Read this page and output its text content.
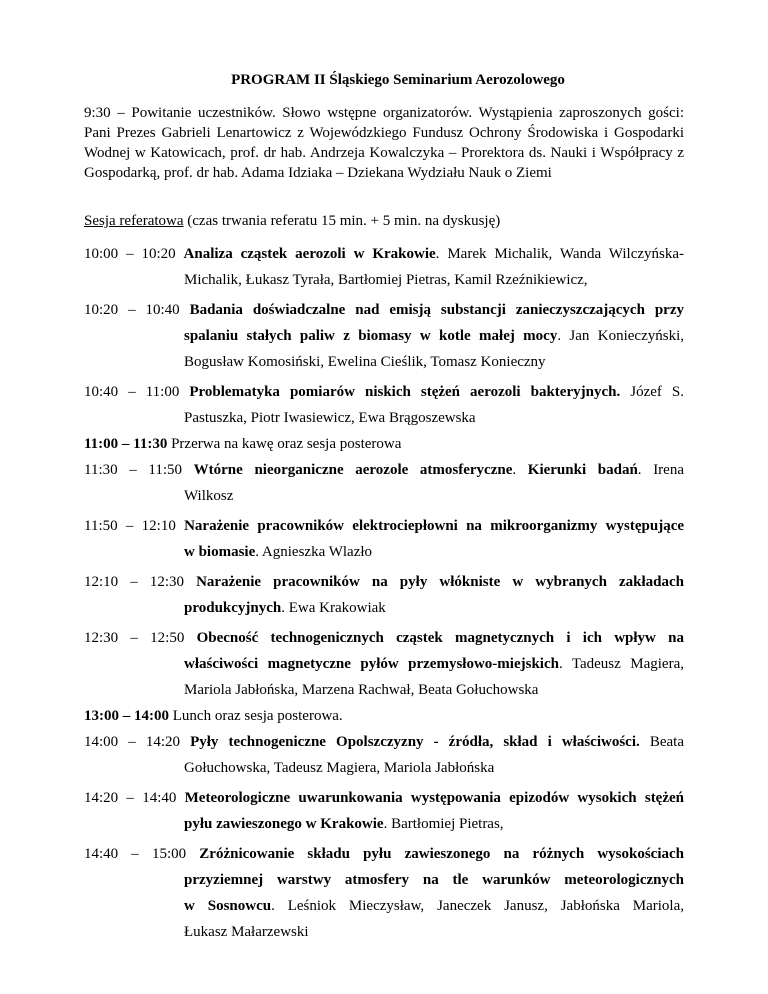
PROGRAM II Śląskiego Seminarium Aerozolowego

9:30 – Powitanie uczestników. Słowo wstępne organizatorów. Wystąpienia zaproszonych gości: Pani Prezes Gabrieli Lenartowicz z Wojewódzkiego Fundusz Ochrony Środowiska i Gospodarki Wodnej w Katowicach, prof. dr hab. Andrzeja Kowalczyka – Prorektora ds. Nauki i Współpracy z Gospodarką, prof. dr hab. Adama Idziaka – Dziekana Wydziału Nauk o Ziemi
Sesja referatowa (czas trwania referatu 15 min. + 5 min. na dyskusję)
10:00 – 10:20 Analiza cząstek aerozoli w Krakowie. Marek Michalik, Wanda Wilczyńska-
Michalik, Łukasz Tyrała, Bartłomiej Pietras, Kamil Rzeźnikiewicz,
10:20 – 10:40 Badania doświadczalne nad emisją substancji zanieczyszczających przy
spalaniu stałych paliw z biomasy w kotle małej mocy. Jan Konieczyński,
Bogusław Komosiński, Ewelina Cieślik, Tomasz Konieczny
10:40 – 11:00 Problematyka pomiarów niskich stężeń aerozoli bakteryjnych. Józef S.
Pastuszka, Piotr Iwasiewicz, Ewa Brągoszewska
11:00 – 11:30 Przerwa na kawę oraz sesja posterowa
11:30 – 11:50 Wtórne nieorganiczne aerozole atmosferyczne. Kierunki badań. Irena
Wilkosz
11:50 – 12:10 Narażenie pracowników elektrociepłowni na mikroorganizmy występujące
w biomasie. Agnieszka Wlazło
12:10 – 12:30 Narażenie pracowników na pyły włókniste w wybranych zakładach
produkcyjnych. Ewa Krakowiak
12:30 – 12:50 Obecność technogenicznych cząstek magnetycznych i ich wpływ na
właściwości magnetyczne pyłów przemysłowo-miejskich. Tadeusz Magiera,
Mariola Jabłońska, Marzena Rachwał, Beata Gołuchowska
13:00 – 14:00 Lunch oraz sesja posterowa.
14:00 – 14:20 Pyły technogeniczne Opolszczyzny - źródła, skład i właściwości. Beata
Gołuchowska, Tadeusz Magiera, Mariola Jabłońska
14:20 – 14:40 Meteorologiczne uwarunkowania występowania epizodów wysokich stężeń
pyłu zawieszonego w Krakowie. Bartłomiej Pietras,
14:40 – 15:00 Zróżnicowanie składu pyłu zawieszonego na różnych wysokościach
przyziemnej warstwy atmosfery na tle warunków meteorologicznych
w Sosnowcu. Leśniok Mieczysław, Janeczek Janusz, Jabłońska Mariola,
Łukasz Małarzewski
